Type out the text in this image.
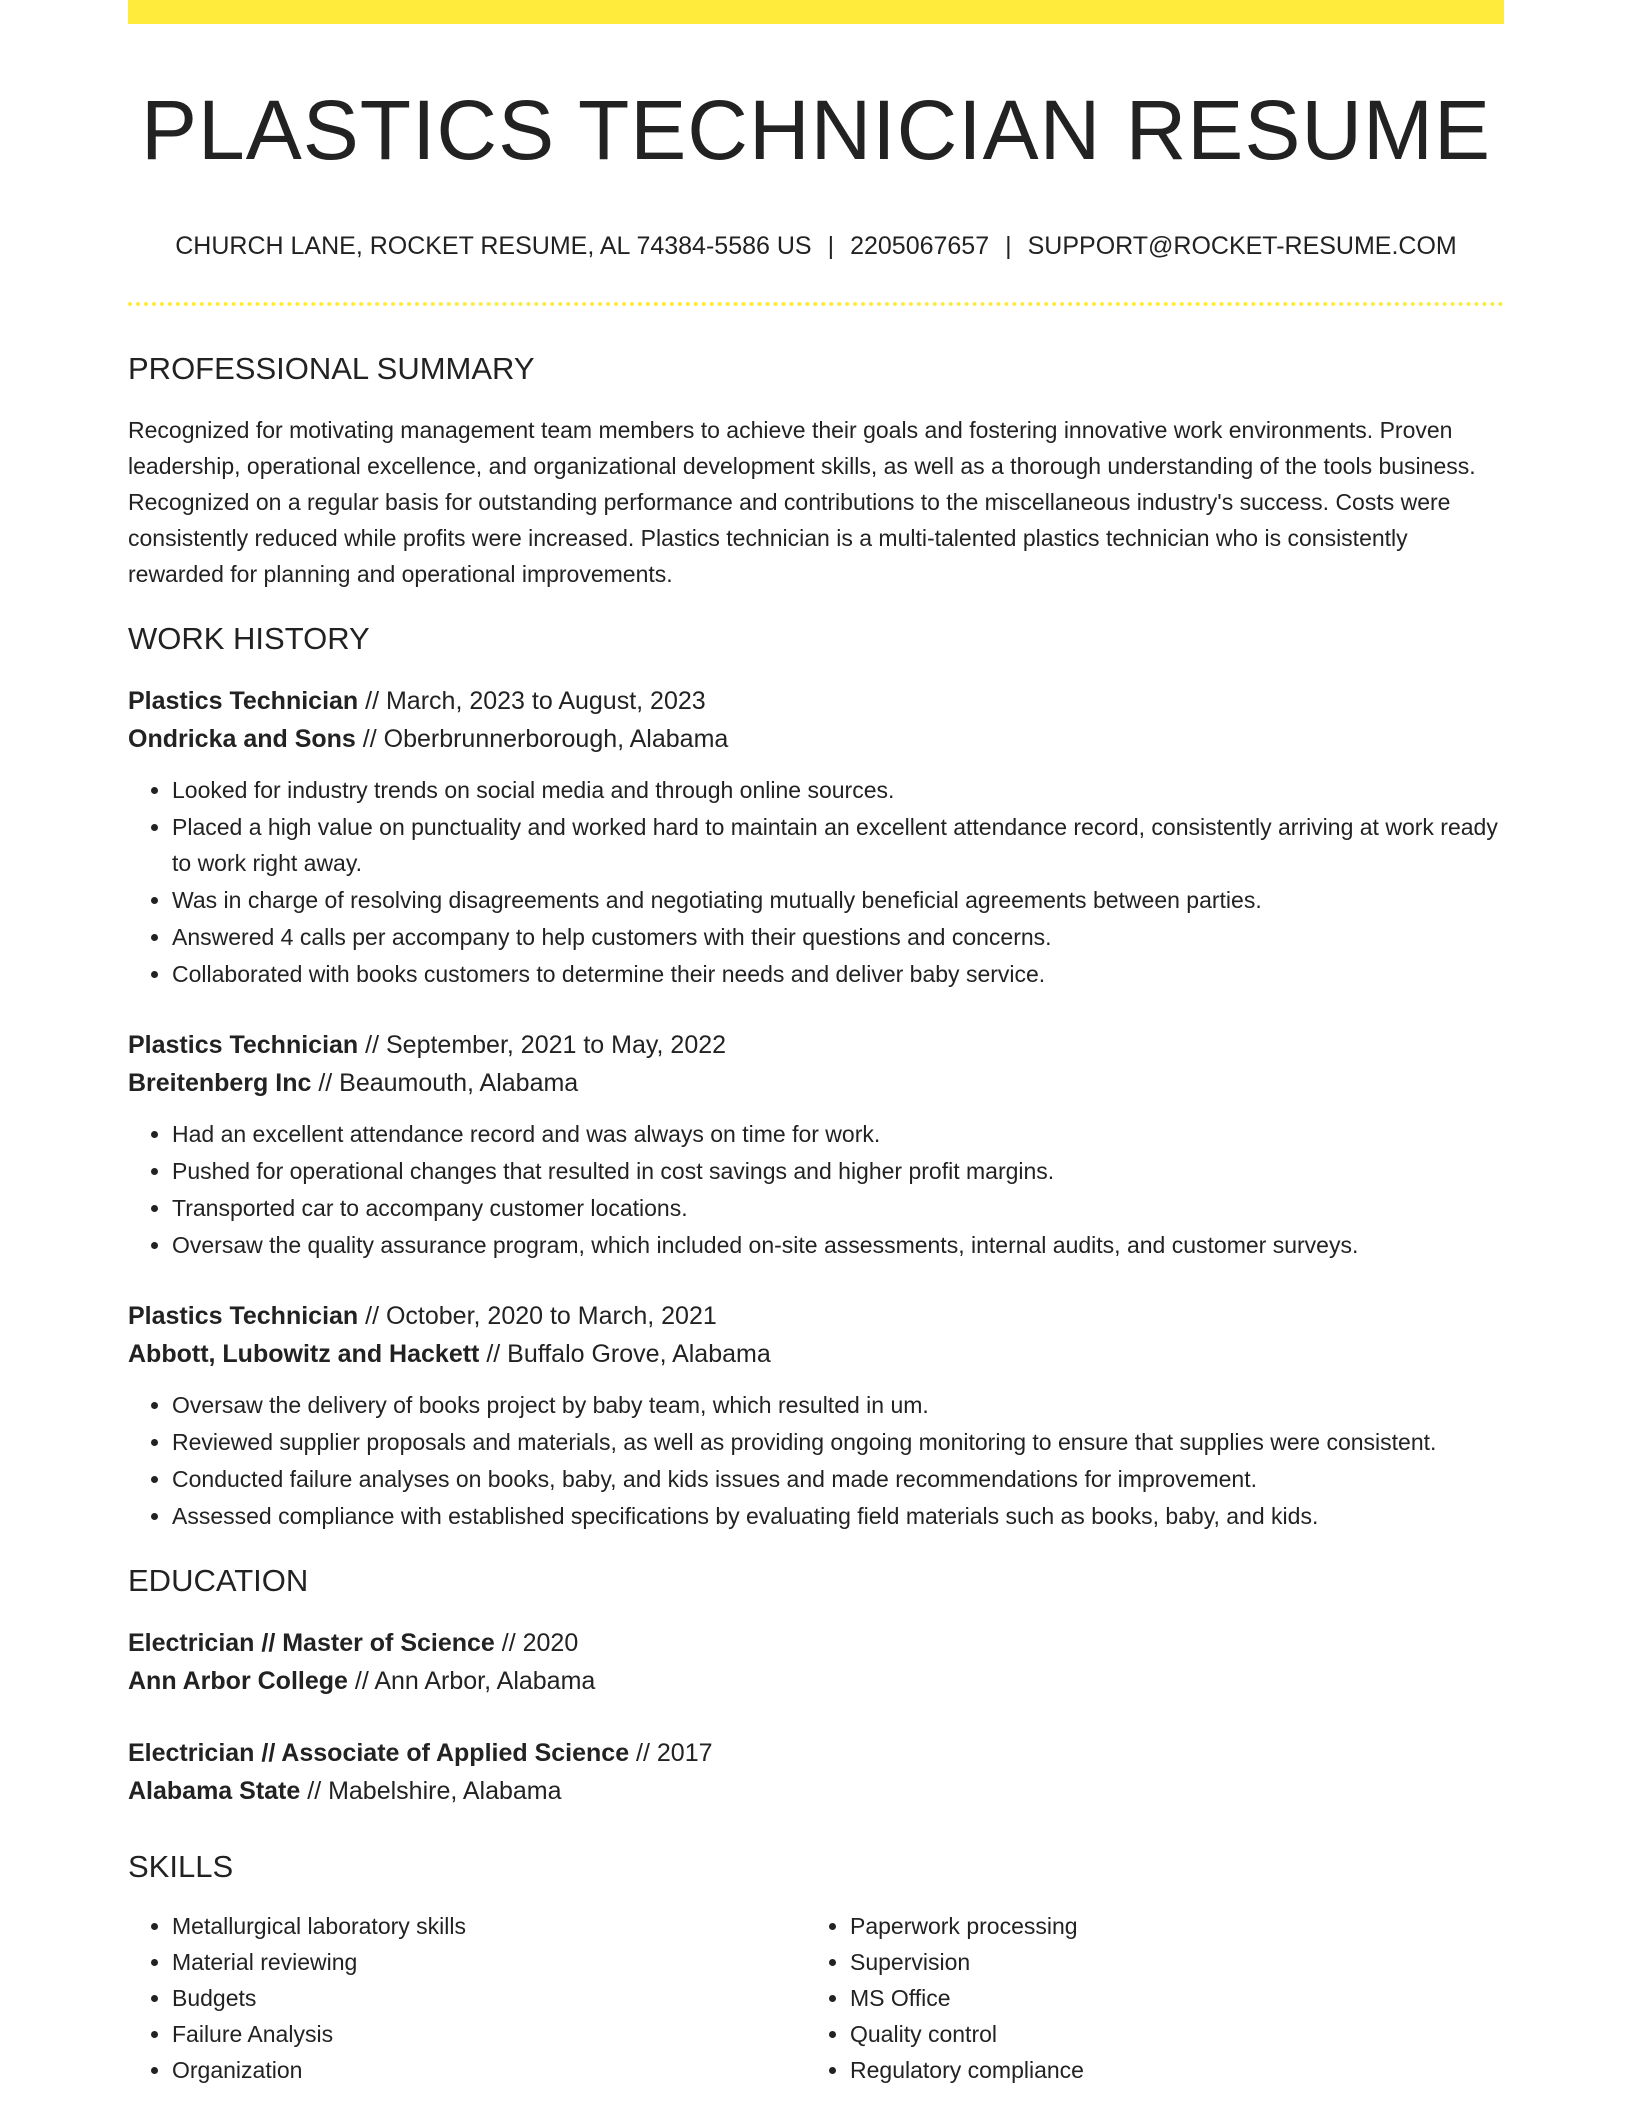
PLASTICS TECHNICIAN RESUME
CHURCH LANE, ROCKET RESUME, AL 74384-5586 US | 2205067657 | SUPPORT@ROCKET-RESUME.COM
PROFESSIONAL SUMMARY

Recognized for motivating management team members to achieve their goals and fostering innovative work environments. Proven leadership, operational excellence, and organizational development skills, as well as a thorough understanding of the tools business. Recognized on a regular basis for outstanding performance and contributions to the miscellaneous industry's success. Costs were consistently reduced while profits were increased. Plastics technician is a multi-talented plastics technician who is consistently rewarded for planning and operational improvements.

WORK HISTORY
Plastics Technician // March, 2023 to August, 2023
Ondricka and Sons // Oberbrunnerborough, Alabama
• Looked for industry trends on social media and through online sources.
• Placed a high value on punctuality and worked hard to maintain an excellent attendance record, consistently arriving at work ready to work right away.
• Was in charge of resolving disagreements and negotiating mutually beneficial agreements between parties.
• Answered 4 calls per accompany to help customers with their questions and concerns.
• Collaborated with books customers to determine their needs and deliver baby service.
Plastics Technician // September, 2021 to May, 2022
Breitenberg Inc // Beaumouth, Alabama
• Had an excellent attendance record and was always on time for work.
• Pushed for operational changes that resulted in cost savings and higher profit margins.
• Transported car to accompany customer locations.
• Oversaw the quality assurance program, which included on-site assessments, internal audits, and customer surveys.
Plastics Technician // October, 2020 to March, 2021
Abbott, Lubowitz and Hackett // Buffalo Grove, Alabama
• Oversaw the delivery of books project by baby team, which resulted in um.
• Reviewed supplier proposals and materials, as well as providing ongoing monitoring to ensure that supplies were consistent.
• Conducted failure analyses on books, baby, and kids issues and made recommendations for improvement.
• Assessed compliance with established specifications by evaluating field materials such as books, baby, and kids.
EDUCATION
Electrician // Master of Science // 2020
Ann Arbor College // Ann Arbor, Alabama
Electrician // Associate of Applied Science // 2017
Alabama State // Mabelshire, Alabama
SKILLS
• Metallurgical laboratory skills
• Material reviewing
• Budgets
• Failure Analysis
• Organization
• Paperwork processing
• Supervision
• MS Office
• Quality control
• Regulatory compliance
